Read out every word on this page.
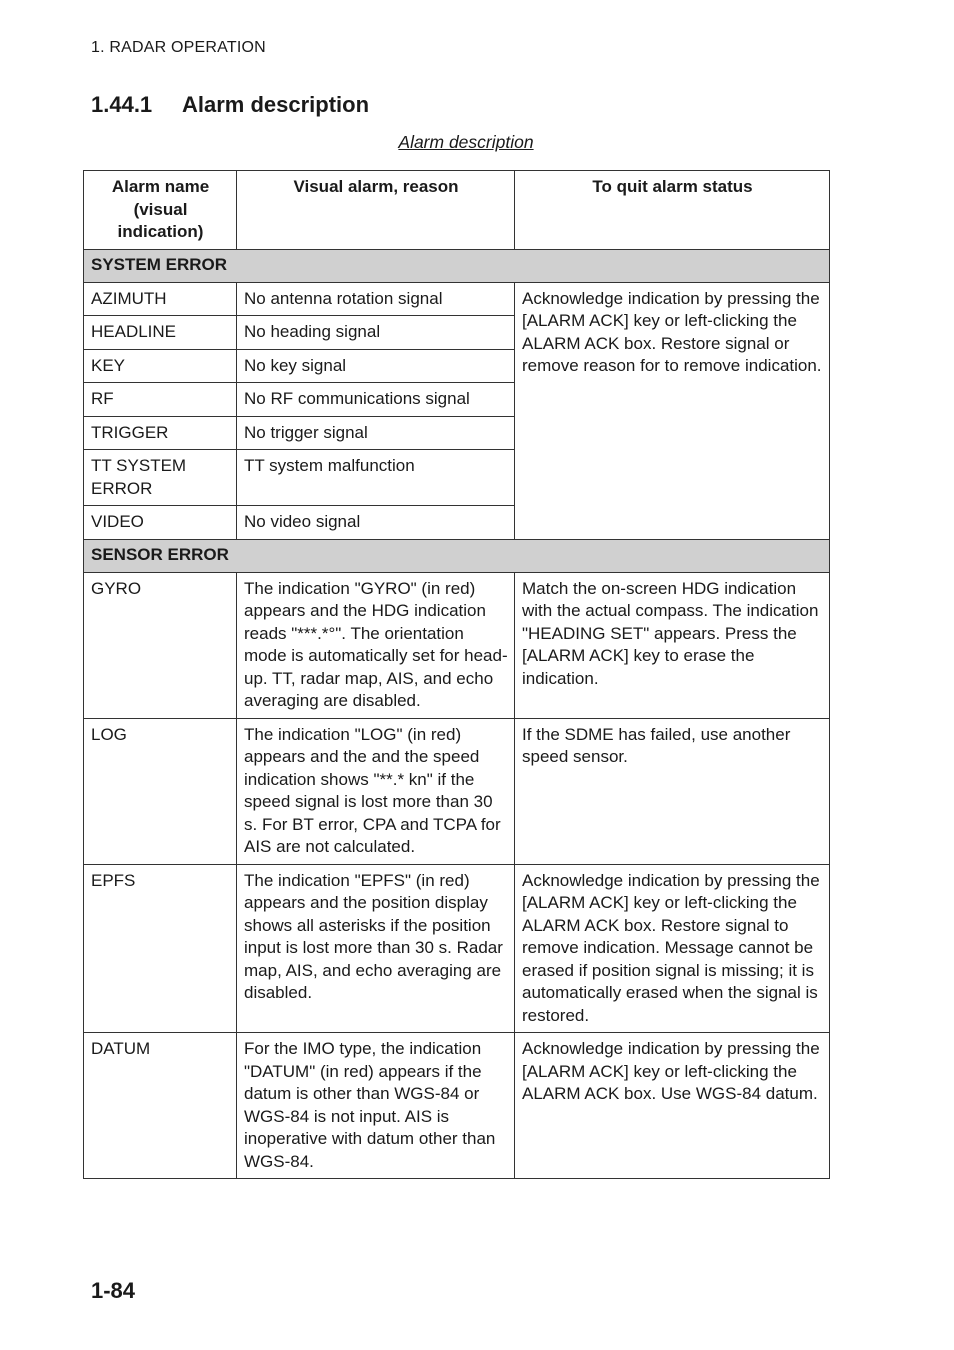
1. RADAR OPERATION
1.44.1 Alarm description
Alarm description
Alarm name (visual indication)	Visual alarm, reason	To quit alarm status
SYSTEM ERROR		
AZIMUTH	No antenna rotation signal	Acknowledge indication by pressing the [ALARM ACK] key or left-clicking the ALARM ACK box. Restore signal or remove reason for to remove indication.
HEADLINE	No heading signal	
KEY	No key signal	
RF	No RF communications signal	
TRIGGER	No trigger signal	
TT SYSTEM ERROR	TT system malfunction	
VIDEO	No video signal	
SENSOR ERROR		
GYRO	The indication "GYRO" (in red) appears and the HDG indication reads "***.*°". The orientation mode is automatically set for head-up. TT, radar map, AIS, and echo averaging are disabled.	Match the on-screen HDG indication with the actual compass. The indication "HEADING SET" appears. Press the [ALARM ACK] key to erase the indication.
LOG	The indication "LOG" (in red) appears and the and the speed indication shows "**.* kn" if the speed signal is lost more than 30 s. For BT error, CPA and TCPA for AIS are not calculated.	If the SDME has failed, use another speed sensor.
EPFS	The indication "EPFS" (in red) appears and the position display shows all asterisks if the position input is lost more than 30 s. Radar map, AIS, and echo averaging are disabled.	Acknowledge indication by pressing the [ALARM ACK] key or left-clicking the ALARM ACK box. Restore signal to remove indication. Message cannot be erased if position signal is missing; it is automatically erased when the signal is restored.
DATUM	For the IMO type, the indication "DATUM" (in red) appears if the datum is other than WGS-84 or WGS-84 is not input. AIS is inoperative with datum other than WGS-84.	Acknowledge indication by pressing the [ALARM ACK] key or left-clicking the ALARM ACK box. Use WGS-84 datum.
1-84
